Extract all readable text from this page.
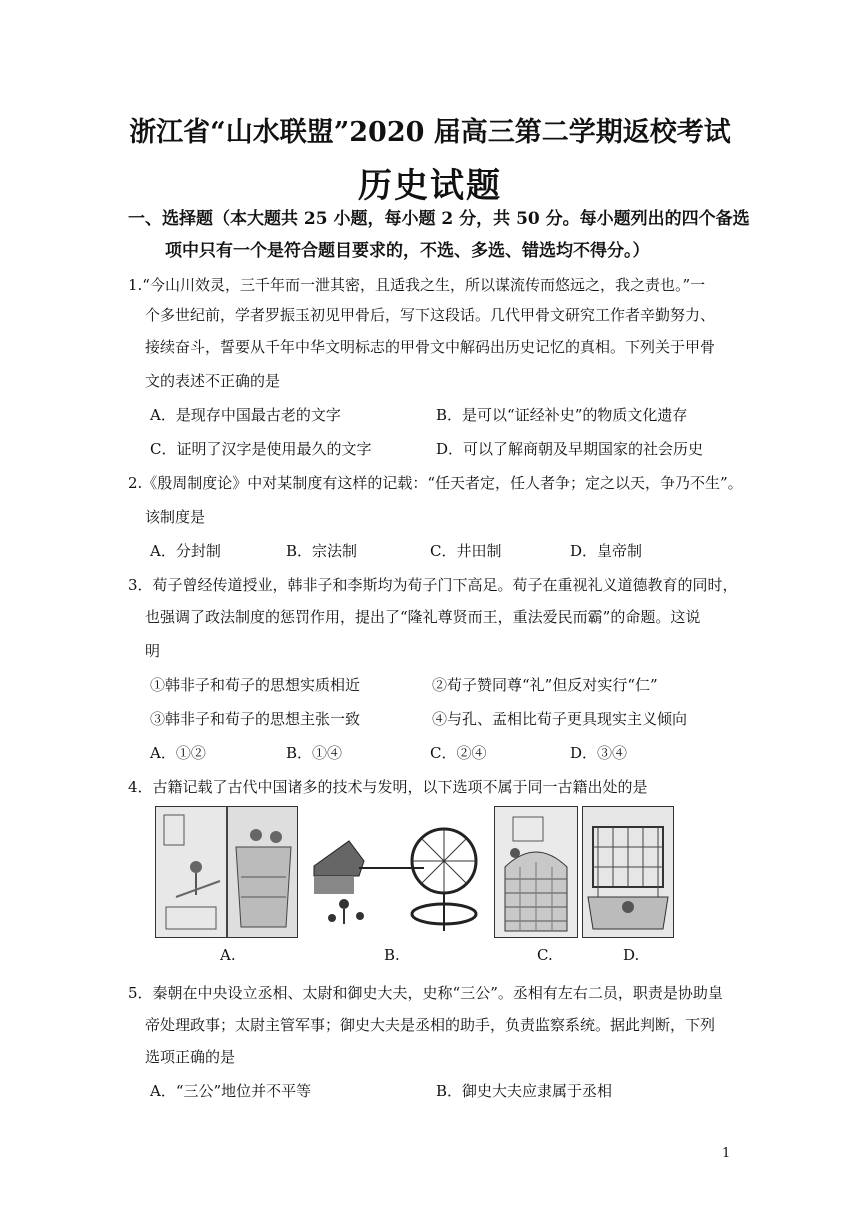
浙江省“山水联盟”2020 届高三第二学期返校考试
历史试题
一、选择题（本大题共 25 小题，每小题 2 分，共 50 分。每小题列出的四个备选
项中只有一个是符合题目要求的，不选、多选、错选均不得分。）
1.“今山川效灵，三千年而一泄其密，且适我之生，所以谋流传而悠远之，我之责也。”一
个多世纪前，学者罗振玉初见甲骨后，写下这段话。几代甲骨文研究工作者辛勤努力、
接续奋斗，誓要从千年中华文明标志的甲骨文中解码出历史记忆的真相。下列关于甲骨
文的表述不正确的是
A．是现存中国最古老的文字	B．是可以“证经补史”的物质文化遗存
C．证明了汉字是使用最久的文字	D．可以了解商朝及早期国家的社会历史
2.《殷周制度论》中对某制度有这样的记载：“任天者定，任人者争；定之以天，争乃不生”。
该制度是
A．分封制	B．宗法制	C．井田制	D．皇帝制
3．荀子曾经传道授业，韩非子和李斯均为荀子门下高足。荀子在重视礼义道德教育的同时，
也强调了政法制度的惩罚作用，提出了“隆礼尊贤而王，重法爱民而霸”的命题。这说
明
①韩非子和荀子的思想实质相近	②荀子赞同尊“礼”但反对实行“仁”
③韩非子和荀子的思想主张一致	④与孔、孟相比荀子更具现实主义倾向
A．①②	B．①④	C．②④	D．③④
4．古籍记载了古代中国诸多的技术与发明，以下选项不属于同一古籍出处的是
A.	B.	C.	D.
5．秦朝在中央设立丞相、太尉和御史大夫，史称“三公”。丞相有左右二员，职责是协助皇
帝处理政事；太尉主管军事；御史大夫是丞相的助手，负责监察系统。据此判断，下列
选项正确的是
A．“三公”地位并不平等	B．御史大夫应隶属于丞相
1
